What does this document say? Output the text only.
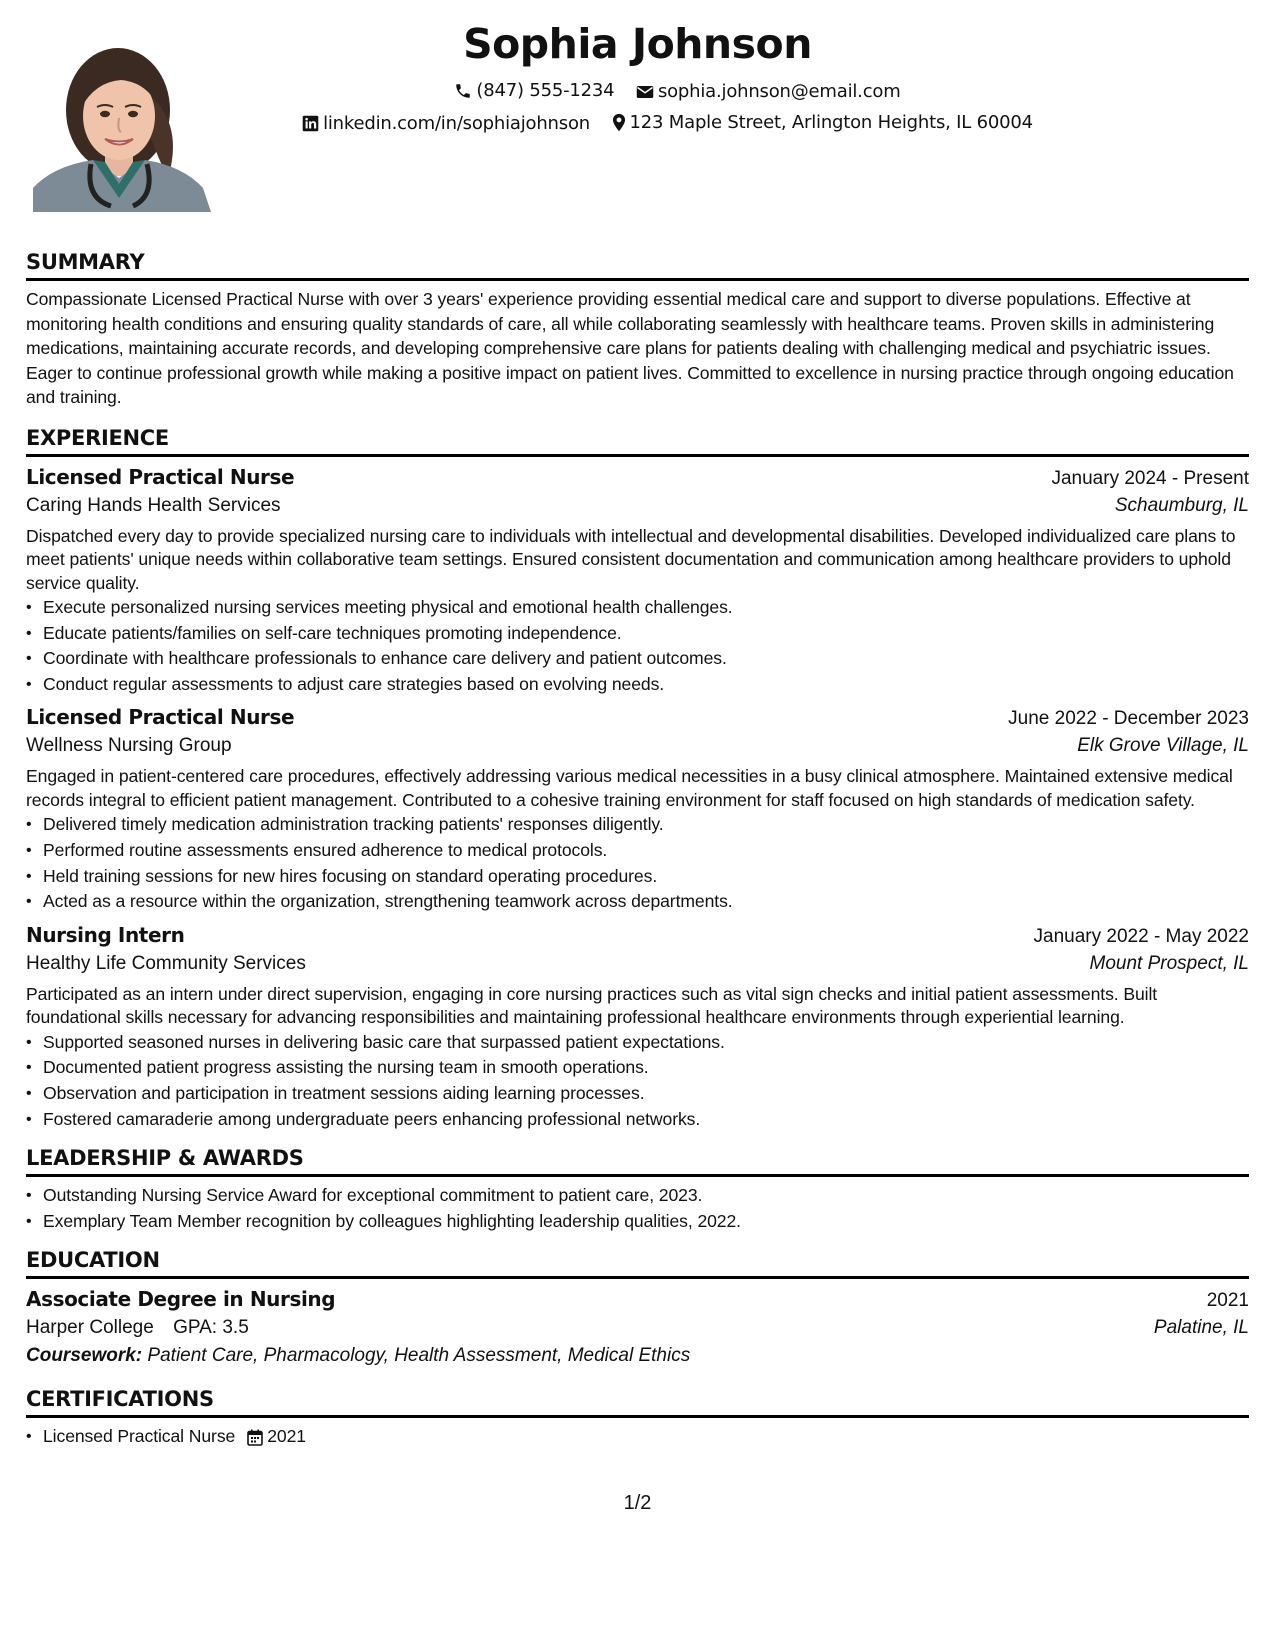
Sophia Johnson
(847) 555-1234
sophia.johnson@email.com
linkedin.com/in/sophiajohnson
123 Maple Street, Arlington Heights, IL 60004
SUMMARY
Compassionate Licensed Practical Nurse with over 3 years' experience providing essential medical care and support to diverse populations. Effective at monitoring health conditions and ensuring quality standards of care, all while collaborating seamlessly with healthcare teams. Proven skills in administering medications, maintaining accurate records, and developing comprehensive care plans for patients dealing with challenging medical and psychiatric issues. Eager to continue professional growth while making a positive impact on patient lives. Committed to excellence in nursing practice through ongoing education and training.
EXPERIENCE
Licensed Practical Nurse	January 2024 - Present
Caring Hands Health Services	Schaumburg, IL
Dispatched every day to provide specialized nursing care to individuals with intellectual and developmental disabilities. Developed individualized care plans to meet patients' unique needs within collaborative team settings. Ensured consistent documentation and communication among healthcare providers to uphold service quality.
• Execute personalized nursing services meeting physical and emotional health challenges.
• Educate patients/families on self-care techniques promoting independence.
• Coordinate with healthcare professionals to enhance care delivery and patient outcomes.
• Conduct regular assessments to adjust care strategies based on evolving needs.
Licensed Practical Nurse	June 2022 - December 2023
Wellness Nursing Group	Elk Grove Village, IL
Engaged in patient-centered care procedures, effectively addressing various medical necessities in a busy clinical atmosphere. Maintained extensive medical records integral to efficient patient management. Contributed to a cohesive training environment for staff focused on high standards of medication safety.
• Delivered timely medication administration tracking patients' responses diligently.
• Performed routine assessments ensured adherence to medical protocols.
• Held training sessions for new hires focusing on standard operating procedures.
• Acted as a resource within the organization, strengthening teamwork across departments.
Nursing Intern	January 2022 - May 2022
Healthy Life Community Services	Mount Prospect, IL
Participated as an intern under direct supervision, engaging in core nursing practices such as vital sign checks and initial patient assessments. Built foundational skills necessary for advancing responsibilities and maintaining professional healthcare environments through experiential learning.
• Supported seasoned nurses in delivering basic care that surpassed patient expectations.
• Documented patient progress assisting the nursing team in smooth operations.
• Observation and participation in treatment sessions aiding learning processes.
• Fostered camaraderie among undergraduate peers enhancing professional networks.
LEADERSHIP & AWARDS
• Outstanding Nursing Service Award for exceptional commitment to patient care, 2023.
• Exemplary Team Member recognition by colleagues highlighting leadership qualities, 2022.
EDUCATION
Associate Degree in Nursing	2021
Harper College GPA: 3.5	Palatine, IL
Coursework: Patient Care, Pharmacology, Health Assessment, Medical Ethics
CERTIFICATIONS
• Licensed Practical Nurse 2021
1/2
